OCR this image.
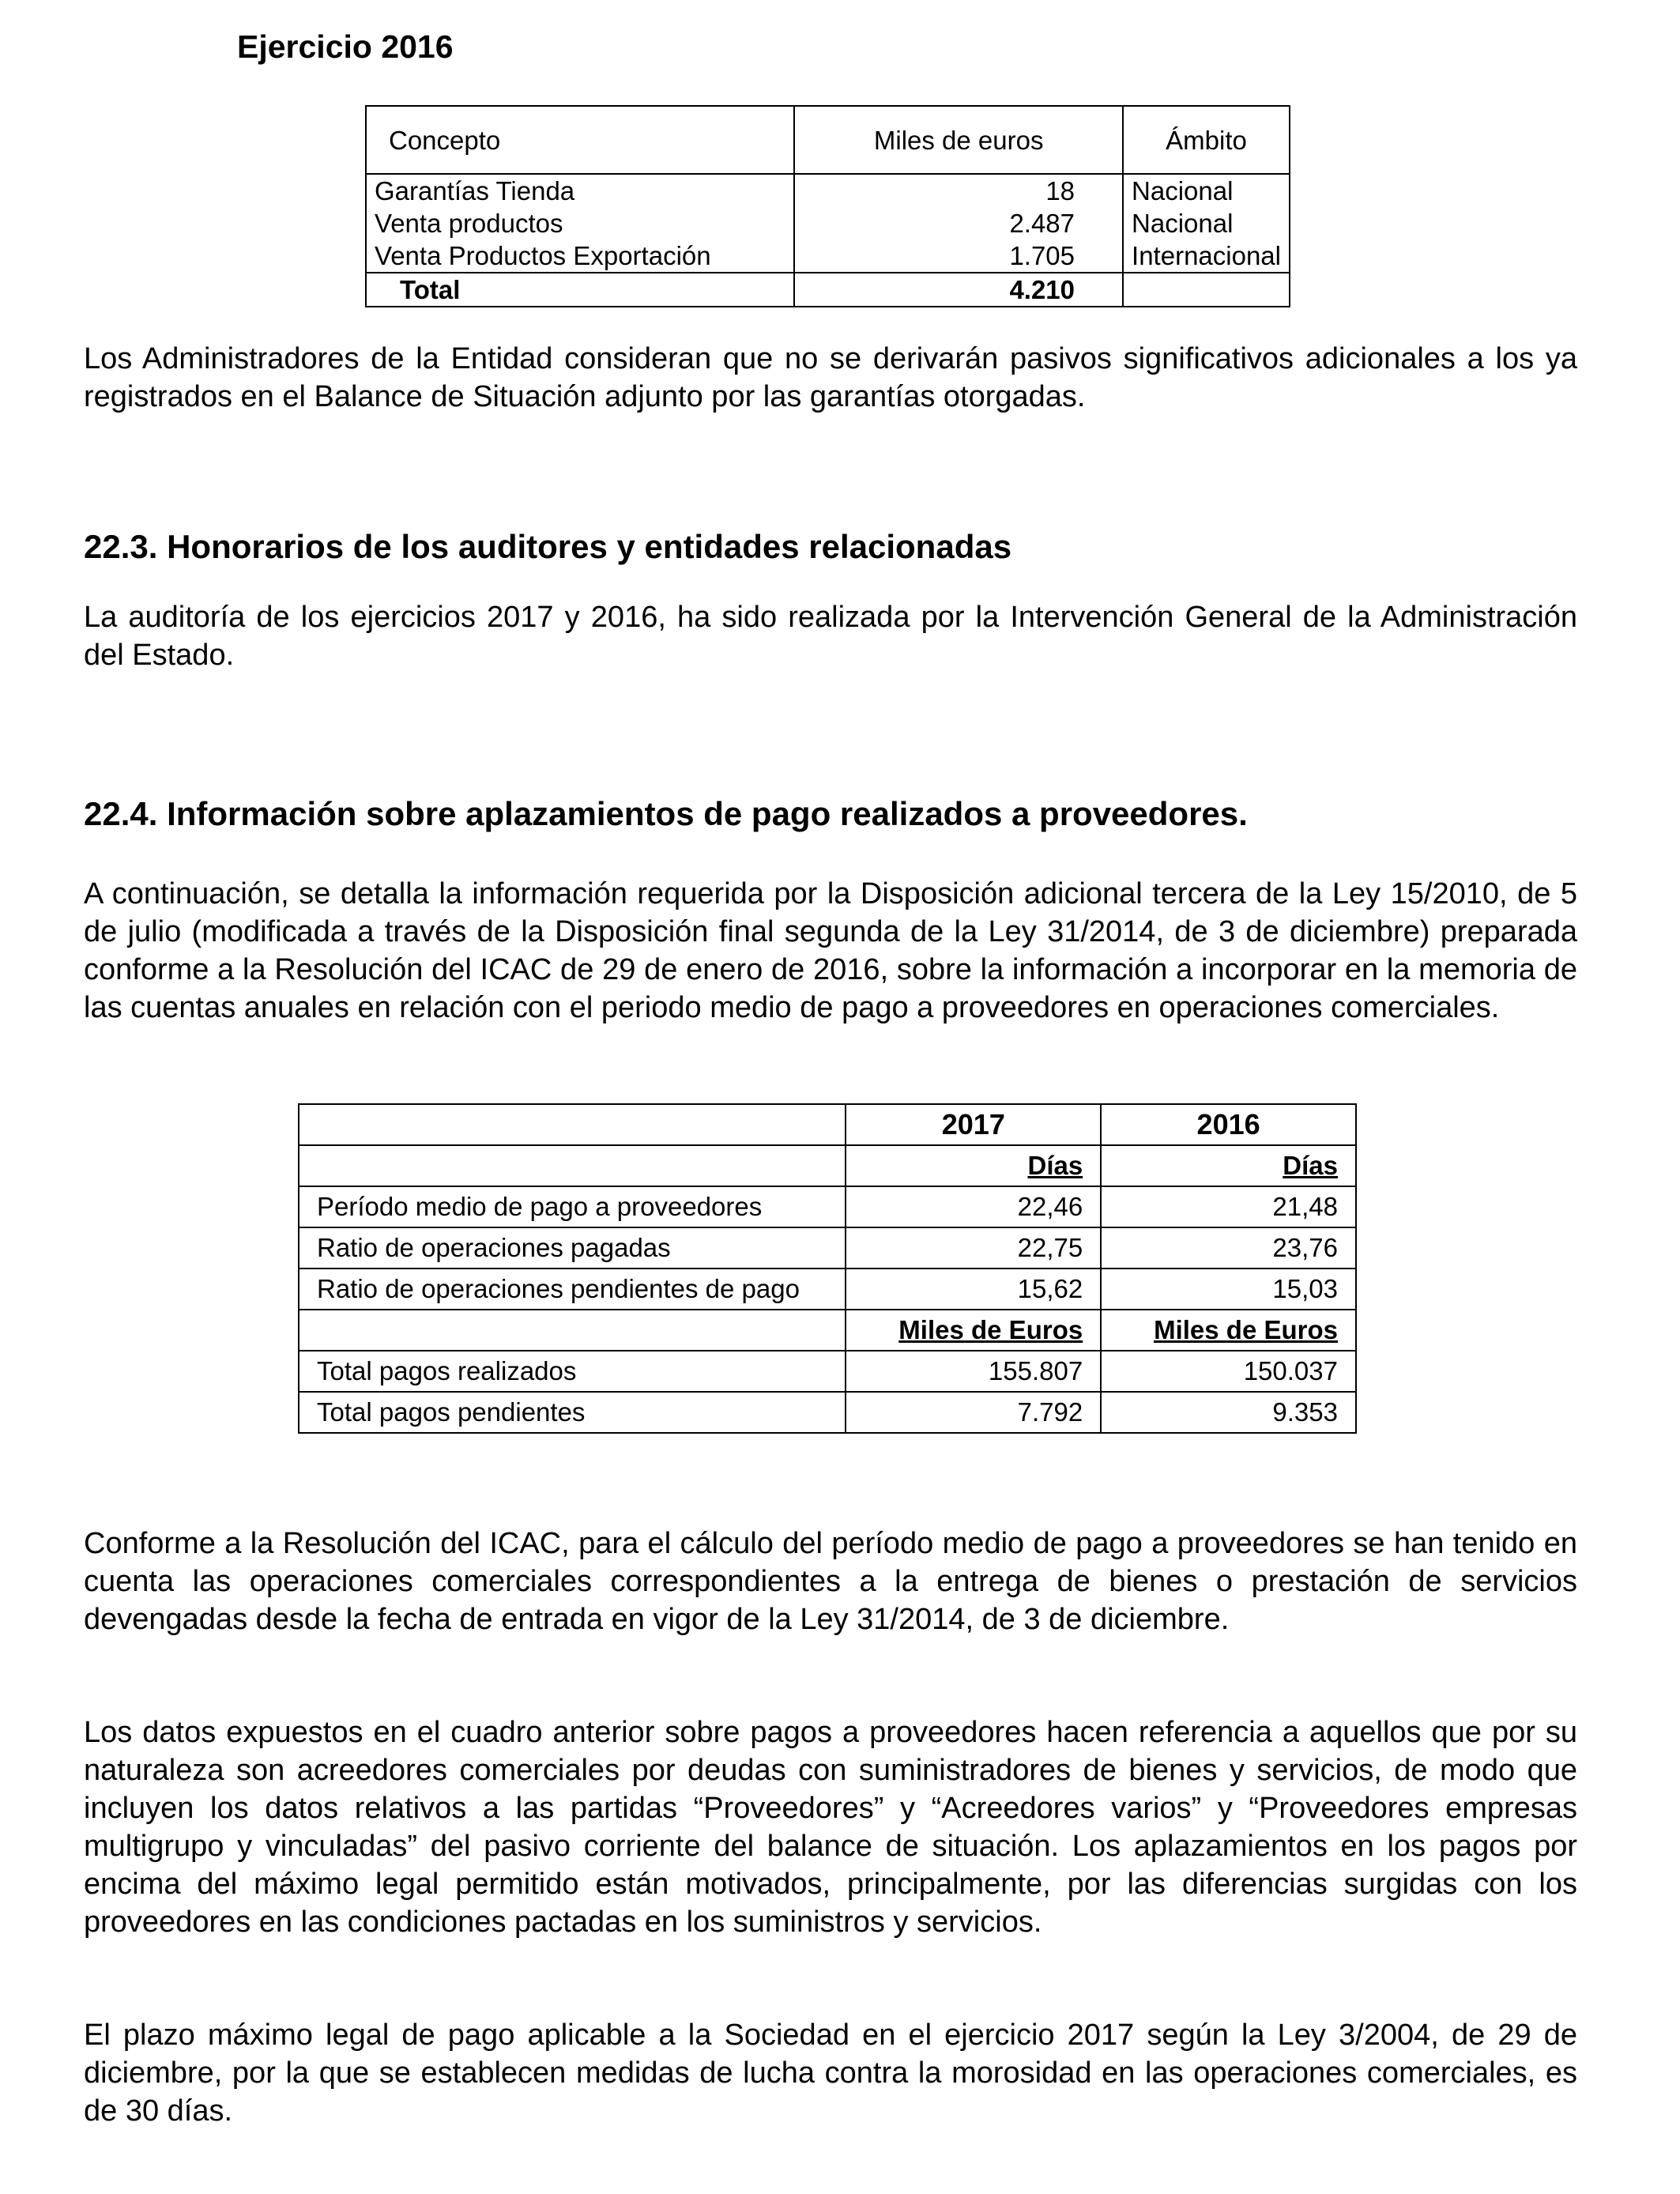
Ejercicio 2016
Concepto	Miles de euros	Ámbito
Garantías Tienda	18	Nacional
Venta productos	2.487	Nacional
Venta Productos Exportación	1.705	Internacional
Total	4.210	

Los Administradores de la Entidad consideran que no se derivarán pasivos significativos adicionales a los ya registrados en el Balance de Situación adjunto por las garantías otorgadas.

22.3. Honorarios de los auditores y entidades relacionadas

La auditoría de los ejercicios 2017 y 2016, ha sido realizada por la Intervención General de la Administración del Estado.

22.4. Información sobre aplazamientos de pago realizados a proveedores.

A continuación, se detalla la información requerida por la Disposición adicional tercera de la Ley 15/2010, de 5 de julio (modificada a través de la Disposición final segunda de la Ley 31/2014, de 3 de diciembre) preparada conforme a la Resolución del ICAC de 29 de enero de 2016, sobre la información a incorporar en la memoria de las cuentas anuales en relación con el periodo medio de pago a proveedores en operaciones comerciales.

	2017	2016
	Días	Días
Período medio de pago a proveedores	22,46	21,48
Ratio de operaciones pagadas	22,75	23,76
Ratio de operaciones pendientes de pago	15,62	15,03
	Miles de Euros	Miles de Euros
Total pagos realizados	155.807	150.037
Total pagos pendientes	7.792	9.353

Conforme a la Resolución del ICAC, para el cálculo del período medio de pago a proveedores se han tenido en cuenta las operaciones comerciales correspondientes a la entrega de bienes o prestación de servicios devengadas desde la fecha de entrada en vigor de la Ley 31/2014, de 3 de diciembre.

Los datos expuestos en el cuadro anterior sobre pagos a proveedores hacen referencia a aquellos que por su naturaleza son acreedores comerciales por deudas con suministradores de bienes y servicios, de modo que incluyen los datos relativos a las partidas “Proveedores” y “Acreedores varios” y “Proveedores empresas multigrupo y vinculadas” del pasivo corriente del balance de situación. Los aplazamientos en los pagos por encima del máximo legal permitido están motivados, principalmente, por las diferencias surgidas con los proveedores en las condiciones pactadas en los suministros y servicios.

El plazo máximo legal de pago aplicable a la Sociedad en el ejercicio 2017 según la Ley 3/2004, de 29 de diciembre, por la que se establecen medidas de lucha contra la morosidad en las operaciones comerciales, es de 30 días.
